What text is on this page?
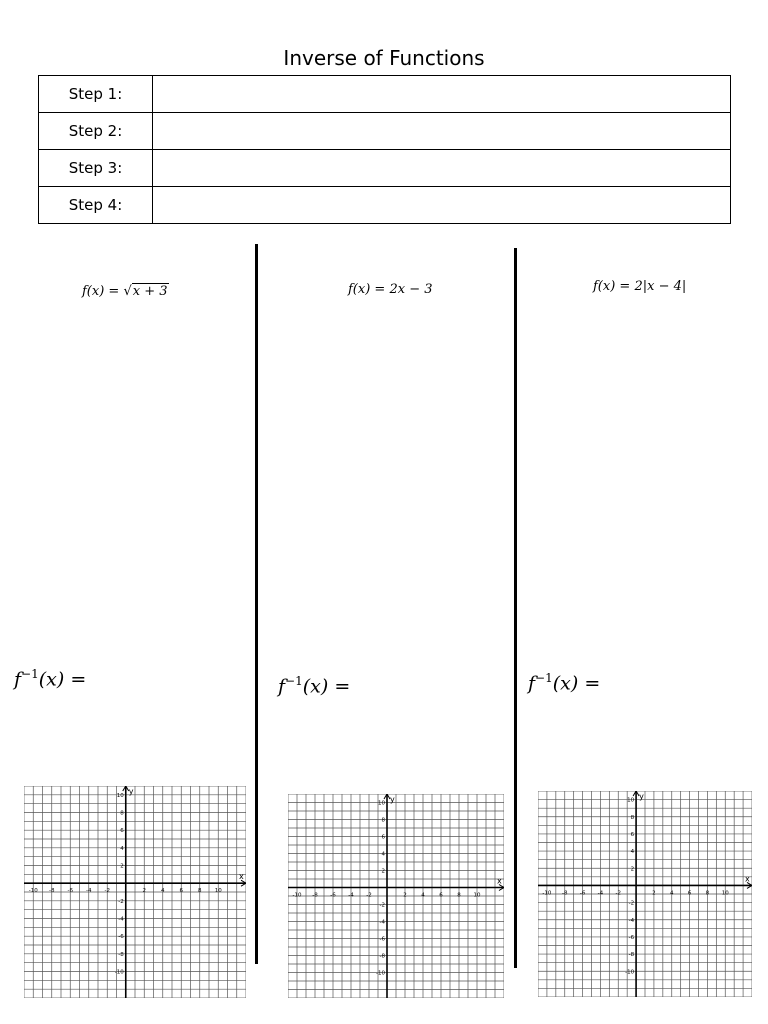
Inverse of Functions
Step 1:	
Step 2:	
Step 3:	
Step 4:	
f(x) = √x + 3
$f^{-1}(x)$ =
f(x) = 2x − 3
$f^{-1}(x)$ =
f(x) = 2|x − 4|
$f^{-1}(x)$ =
x
y
-10 -8 -6 -4 -2	2	4	6	8 10
10
8
6
4
2
-2
-4
-6
-8
-10
x
y
-10 -8 -6 -4 -2	2	4	6	8 10
10
8
6
4
2
-2
-4
-6
-8
-10
x
y
-10 -8 -6 -4 -2	2	4	6	8 10
10
8
6
4
2
-2
-4
-6
-8
-10
